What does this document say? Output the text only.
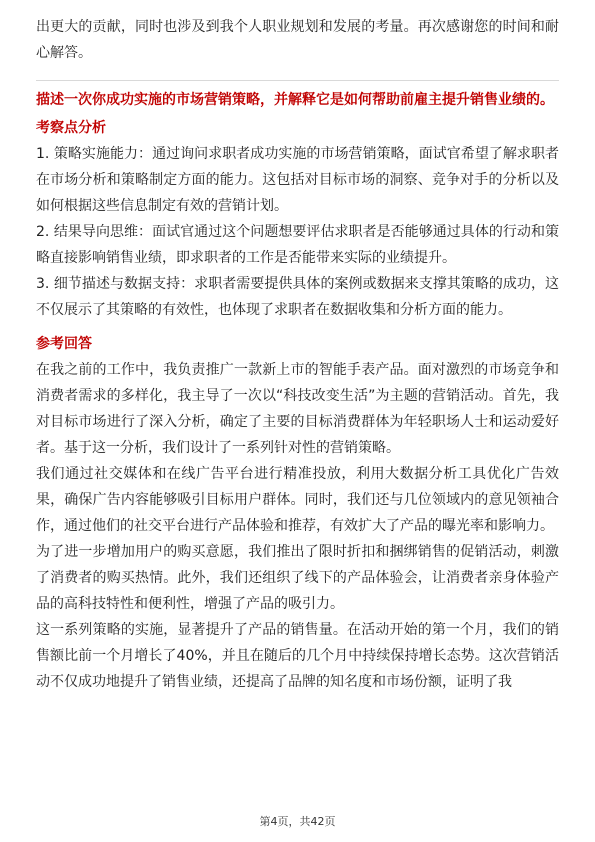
出更大的贡献，同时也涉及到我个人职业规划和发展的考量。再次感谢您的时间和耐心解答。

描述一次你成功实施的市场营销策略，并解释它是如何帮助前雇主提升销售业绩的。
考察点分析

1. 策略实施能力：通过询问求职者成功实施的市场营销策略，面试官希望了解求职者在市场分析和策略制定方面的能力。这包括对目标市场的洞察、竞争对手的分析以及如何根据这些信息制定有效的营销计划。

2. 结果导向思维：面试官通过这个问题想要评估求职者是否能够通过具体的行动和策略直接影响销售业绩，即求职者的工作是否能带来实际的业绩提升。

3. 细节描述与数据支持：求职者需要提供具体的案例或数据来支撑其策略的成功，这不仅展示了其策略的有效性，也体现了求职者在数据收集和分析方面的能力。

参考回答

在我之前的工作中，我负责推广一款新上市的智能手表产品。面对激烈的市场竞争和消费者需求的多样化，我主导了一次以“科技改变生活”为主题的营销活动。首先，我对目标市场进行了深入分析，确定了主要的目标消费群体为年轻职场人士和运动爱好者。基于这一分析，我们设计了一系列针对性的营销策略。

我们通过社交媒体和在线广告平台进行精准投放，利用大数据分析工具优化广告效果，确保广告内容能够吸引目标用户群体。同时，我们还与几位领域内的意见领袖合作，通过他们的社交平台进行产品体验和推荐，有效扩大了产品的曝光率和影响力。

为了进一步增加用户的购买意愿，我们推出了限时折扣和捆绑销售的促销活动，刺激了消费者的购买热情。此外，我们还组织了线下的产品体验会，让消费者亲身体验产品的高科技特性和便利性，增强了产品的吸引力。

这一系列策略的实施，显著提升了产品的销售量。在活动开始的第一个月，我们的销售额比前一个月增长了40%，并且在随后的几个月中持续保持增长态势。这次营销活动不仅成功地提升了销售业绩，还提高了品牌的知名度和市场份额，证明了我

第4页，共42页
